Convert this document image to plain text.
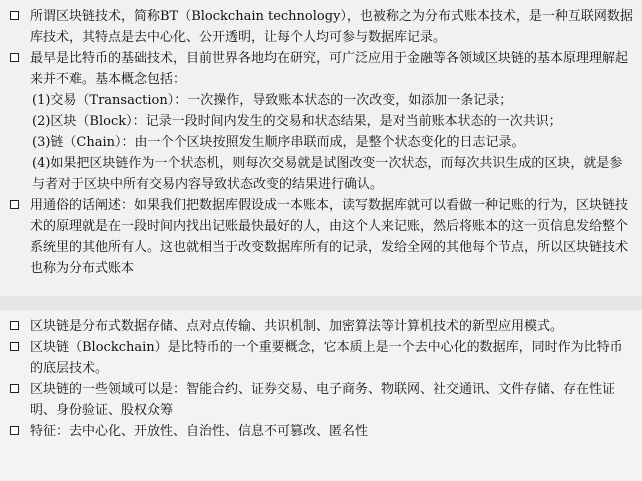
所谓区块链技术，简称BT（Blockchain technology），也被称之为分布式账本技术，是一种互联网数据库技术，其特点是去中心化、公开透明，让每个人均可参与数据库记录。
最早是比特币的基础技术，目前世界各地均在研究，可广泛应用于金融等各领域区块链的基本原理理解起来并不难。基本概念包括：
(1)交易（Transaction）：一次操作，导致账本状态的一次改变，如添加一条记录；
(2)区块（Block）：记录一段时间内发生的交易和状态结果，是对当前账本状态的一次共识；
(3)链（Chain）：由一个个区块按照发生顺序串联而成，是整个状态变化的日志记录。
(4)如果把区块链作为一个状态机，则每次交易就是试图改变一次状态，而每次共识生成的区块，就是参与者对于区块中所有交易内容导致状态改变的结果进行确认。
用通俗的话阐述：如果我们把数据库假设成一本账本，读写数据库就可以看做一种记账的行为，区块链技术的原理就是在一段时间内找出记账最快最好的人，由这个人来记账，然后将账本的这一页信息发给整个系统里的其他所有人。这也就相当于改变数据库所有的记录，发给全网的其他每个节点，所以区块链技术也称为分布式账本
区块链是分布式数据存储、点对点传输、共识机制、加密算法等计算机技术的新型应用模式。
区块链（Blockchain）是比特币的一个重要概念，它本质上是一个去中心化的数据库，同时作为比特币的底层技术。
区块链的一些领域可以是：智能合约、证券交易、电子商务、物联网、社交通讯、文件存储、存在性证明、身份验证、股权众筹
特征：去中心化、开放性、自治性、信息不可篡改、匿名性
